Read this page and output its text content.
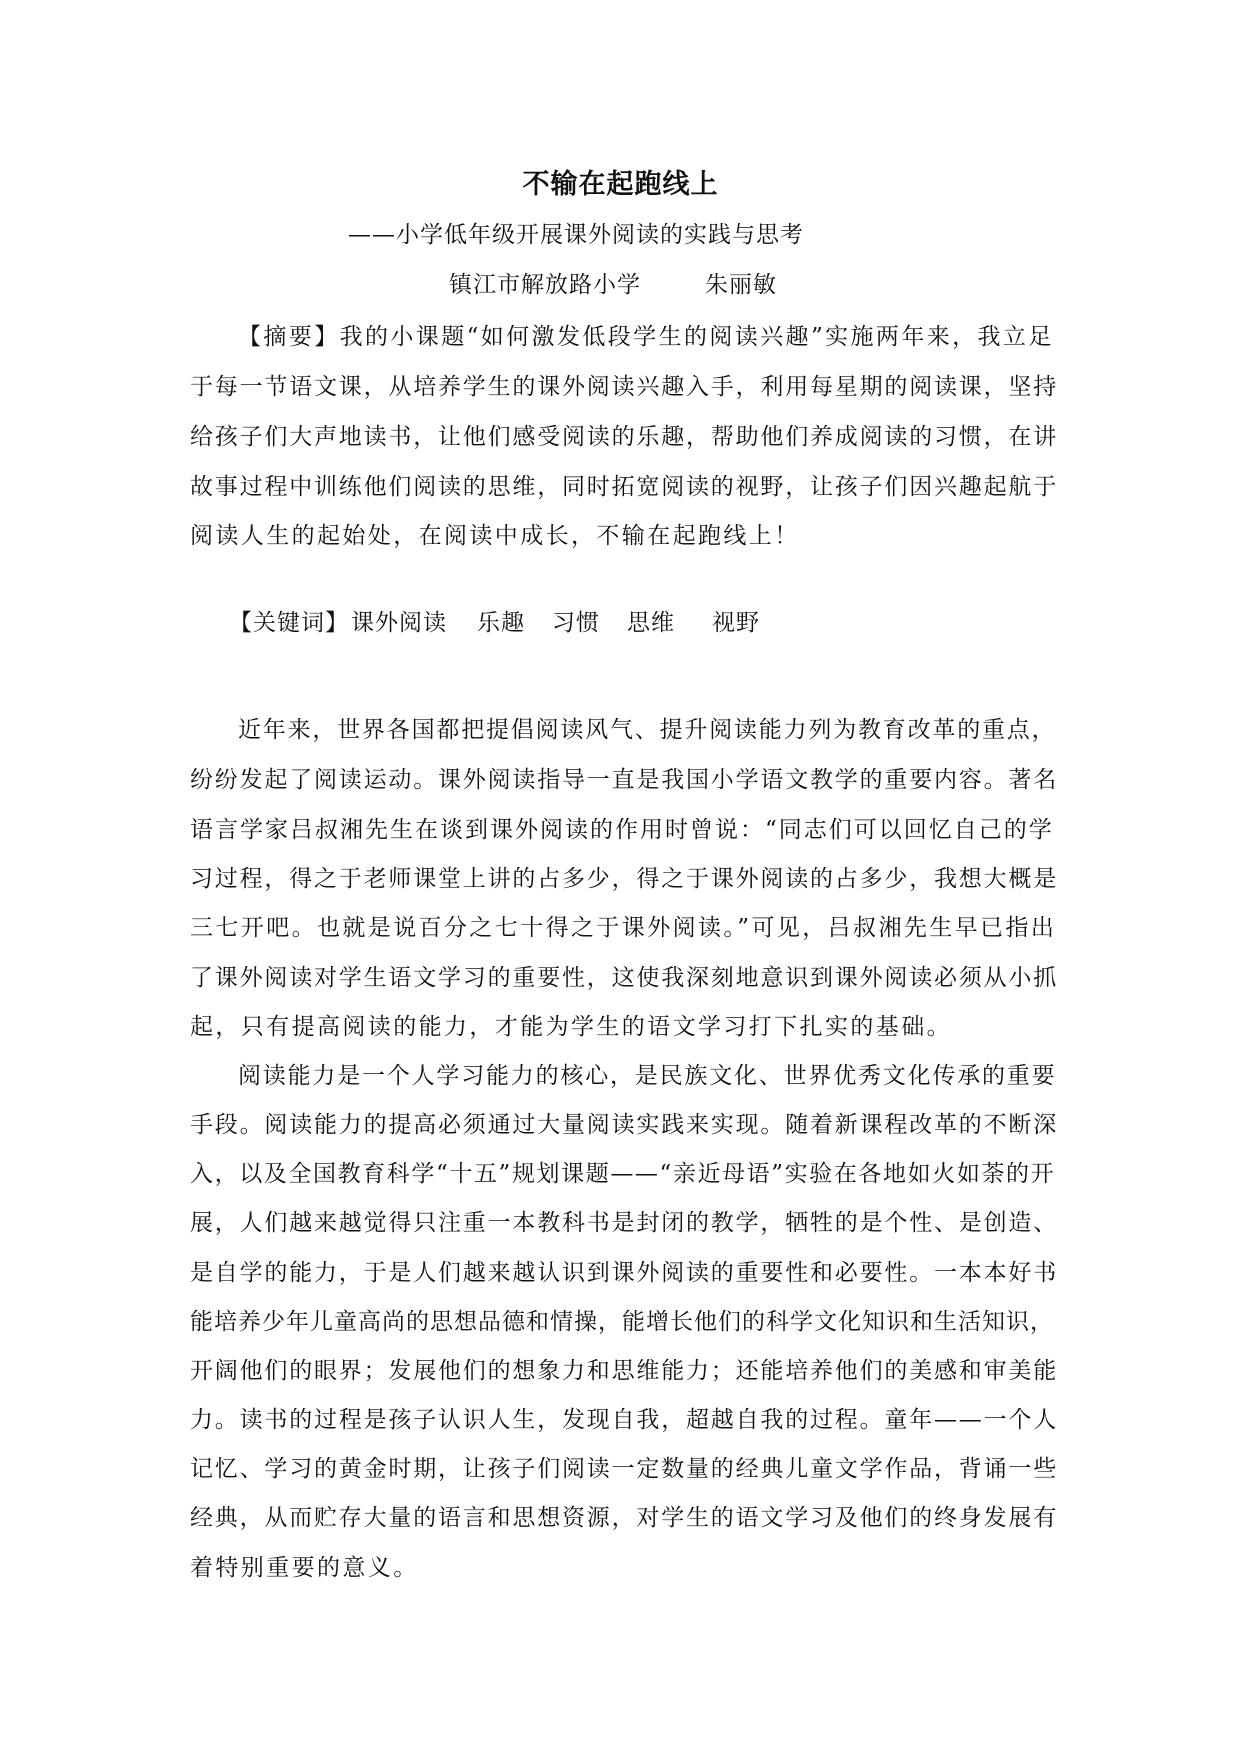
不输在起跑线上
——小学低年级开展课外阅读的实践与思考
镇江市解放路小学	朱丽敏
【摘要】我的小课题“如何激发低段学生的阅读兴趣”实施两年来，我立足
于每一节语文课，从培养学生的课外阅读兴趣入手，利用每星期的阅读课，坚持
给孩子们大声地读书，让他们感受阅读的乐趣，帮助他们养成阅读的习惯，在讲
故事过程中训练他们阅读的思维，同时拓宽阅读的视野，让孩子们因兴趣起航于
阅读人生的起始处，在阅读中成长，不输在起跑线上！
【关键词】 课外阅读 乐趣 习惯 思维 视野
近年来，世界各国都把提倡阅读风气、提升阅读能力列为教育改革的重点，
纷纷发起了阅读运动。课外阅读指导一直是我国小学语文教学的重要内容。著名
语言学家吕叔湘先生在谈到课外阅读的作用时曾说：“同志们可以回忆自己的学
习过程，得之于老师课堂上讲的占多少，得之于课外阅读的占多少，我想大概是
三七开吧。也就是说百分之七十得之于课外阅读。”可见，吕叔湘先生早已指出
了课外阅读对学生语文学习的重要性，这使我深刻地意识到课外阅读必须从小抓
起，只有提高阅读的能力，才能为学生的语文学习打下扎实的基础。
阅读能力是一个人学习能力的核心，是民族文化、世界优秀文化传承的重要
手段。阅读能力的提高必须通过大量阅读实践来实现。随着新课程改革的不断深
入，以及全国教育科学“十五”规划课题——“亲近母语”实验在各地如火如荼的开
展，人们越来越觉得只注重一本教科书是封闭的教学，牺牲的是个性、是创造、
是自学的能力，于是人们越来越认识到课外阅读的重要性和必要性。一本本好书
能培养少年儿童高尚的思想品德和情操，能增长他们的科学文化知识和生活知识，
开阔他们的眼界；发展他们的想象力和思维能力；还能培养他们的美感和审美能
力。读书的过程是孩子认识人生，发现自我，超越自我的过程。童年——一个人
记忆、学习的黄金时期，让孩子们阅读一定数量的经典儿童文学作品，背诵一些
经典，从而贮存大量的语言和思想资源，对学生的语文学习及他们的终身发展有
着特别重要的意义。
